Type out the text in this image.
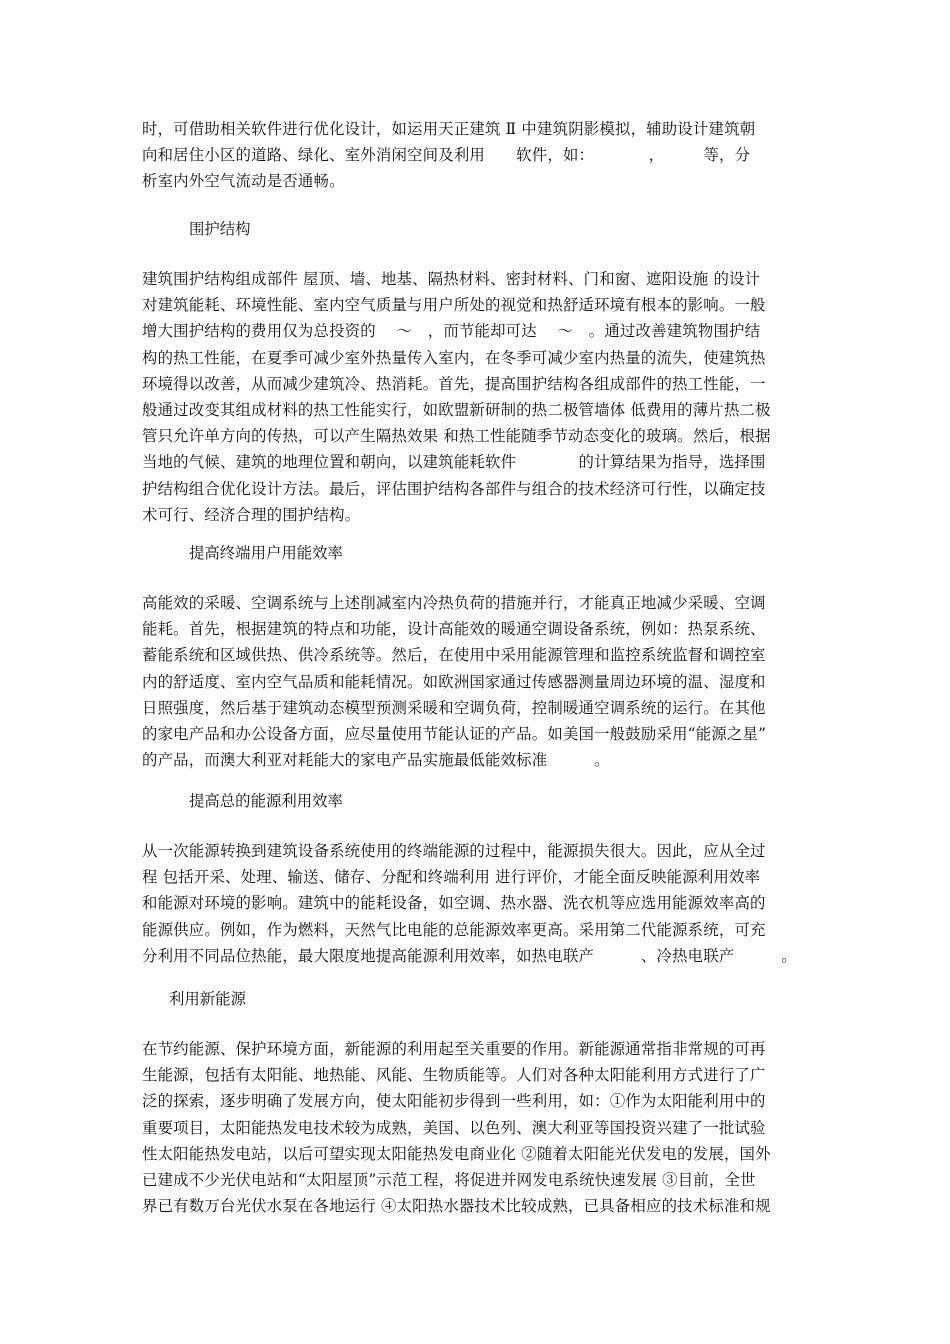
时，可借助相关软件进行优化设计，如运用天正建筑 Ⅱ 中建筑阴影模拟，辅助设计建筑朝
向和居住小区的道路、绿化、室外消闲空间及利用　　软件，如：　　　　，　　　等，分
析室内外空气流动是否通畅。
围护结构
建筑围护结构组成部件 屋顶、墙、地基、隔热材料、密封材料、门和窗、遮阳设施 的设计
对建筑能耗、环境性能、室内空气质量与用户所处的视觉和热舒适环境有根本的影响。一般
增大围护结构的费用仅为总投资的　 ～　，而节能却可达　 ～　。通过改善建筑物围护结
构的热工性能，在夏季可减少室外热量传入室内，在冬季可减少室内热量的流失，使建筑热
环境得以改善，从而减少建筑冷、热消耗。首先，提高围护结构各组成部件的热工性能，一
般通过改变其组成材料的热工性能实行，如欧盟新研制的热二极管墙体 低费用的薄片热二极
管只允许单方向的传热，可以产生隔热效果 和热工性能随季节动态变化的玻璃。然后，根据
当地的气候、建筑的地理位置和朝向，以建筑能耗软件　　　　的计算结果为指导，选择围
护结构组合优化设计方法。最后，评估围护结构各部件与组合的技术经济可行性，以确定技
术可行、经济合理的围护结构。
提高终端用户用能效率
高能效的采暖、空调系统与上述削减室内冷热负荷的措施并行，才能真正地减少采暖、空调
能耗。首先，根据建筑的特点和功能，设计高能效的暖通空调设备系统，例如：热泵系统、
蓄能系统和区域供热、供冷系统等。然后，在使用中采用能源管理和监控系统监督和调控室
内的舒适度、室内空气品质和能耗情况。如欧洲国家通过传感器测量周边环境的温、湿度和
日照强度，然后基于建筑动态模型预测采暖和空调负荷，控制暖通空调系统的运行。在其他
的家电产品和办公设备方面，应尽量使用节能认证的产品。如美国一般鼓励采用“能源之星”
的产品，而澳大利亚对耗能大的家电产品实施最低能效标准　　　。
提高总的能源利用效率
从一次能源转换到建筑设备系统使用的终端能源的过程中，能源损失很大。因此，应从全过
程 包括开采、处理、输送、储存、分配和终端利用 进行评价，才能全面反映能源利用效率
和能源对环境的影响。建筑中的能耗设备，如空调、热水器、洗衣机等应选用能源效率高的
能源供应。例如，作为燃料，天然气比电能的总能源效率更高。采用第二代能源系统，可充
分利用不同品位热能，最大限度地提高能源利用效率，如热电联产　　　、冷热电联产　　　。
利用新能源
在节约能源、保护环境方面，新能源的利用起至关重要的作用。新能源通常指非常规的可再
生能源，包括有太阳能、地热能、风能、生物质能等。人们对各种太阳能利用方式进行了广
泛的探索，逐步明确了发展方向，使太阳能初步得到一些利用，如：①作为太阳能利用中的
重要项目，太阳能热发电技术较为成熟，美国、以色列、澳大利亚等国投资兴建了一批试验
性太阳能热发电站，以后可望实现太阳能热发电商业化 ②随着太阳能光伏发电的发展，国外
已建成不少光伏电站和“太阳屋顶”示范工程，将促进并网发电系统快速发展 ③目前，全世
界已有数万台光伏水泵在各地运行 ④太阳热水器技术比较成熟，已具备相应的技术标准和规
